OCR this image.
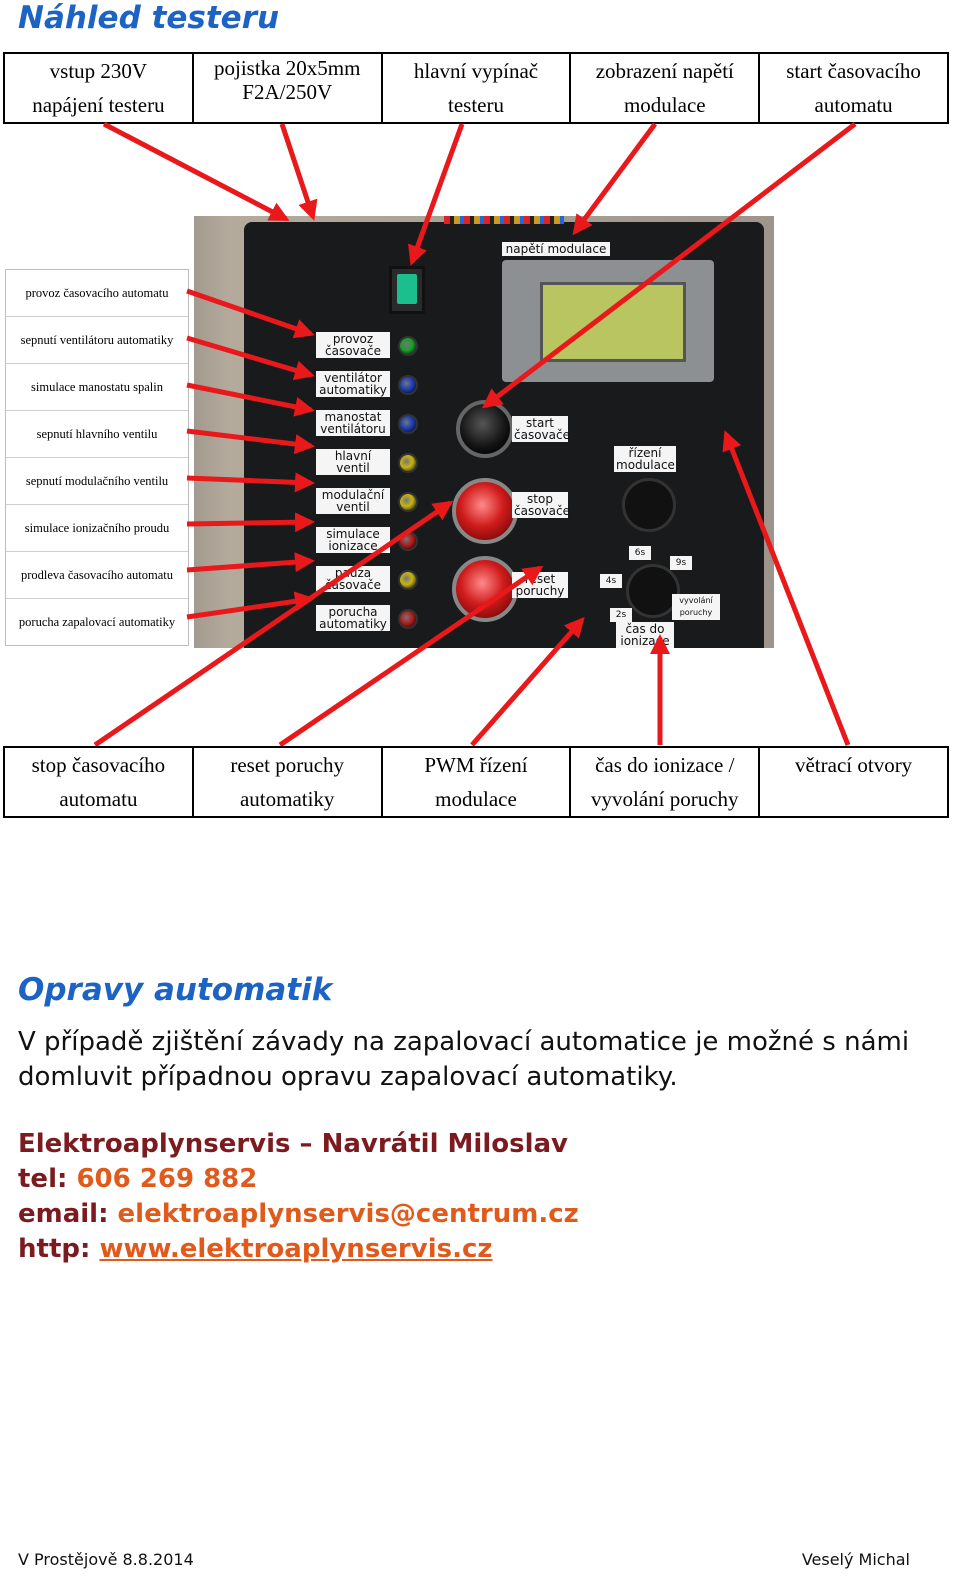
Náhled testeru
vstup 230V
napájení testeru

pojistka 20x5mm
F2A/250V

hlavní vypínač
testeru

zobrazení napětí
modulace

start časovacího
automatu
provoz časovacího automatu
sepnutí ventilátoru automatiky
simulace manostatu spalin
sepnutí hlavního ventilu
sepnutí modulačního ventilu
simulace ionizačního proudu
prodleva časovacího automatu
porucha zapalovací automatiky
napětí modulace
provoz
časovače
ventilátor
automatiky
manostat
ventilátoru
hlavní
ventil
modulační
ventil
simulace
ionizace
pauza
časovače
porucha
automatiky
start
časovače
stop
časovače
reset
poruchy
řízení
modulace
6s
9s
4s
2s
vyvolání
poruchy
čas do
ionizace
stop časovacího
automatu

reset poruchy
automatiky

PWM řízení
modulace

čas do ionizace /
vyvolání poruchy

větrací otvory
Opravy automatik
V případě zjištění závady na zapalovací automatice je možné s námi domluvit případnou opravu zapalovací automatiky.
Elektroaplynservis – Navrátil Miloslav
tel: 606 269 882
email: elektroaplynservis@centrum.cz
http: www.elektroaplynservis.cz
V Prostějově 8.8.2014	Veselý Michal
